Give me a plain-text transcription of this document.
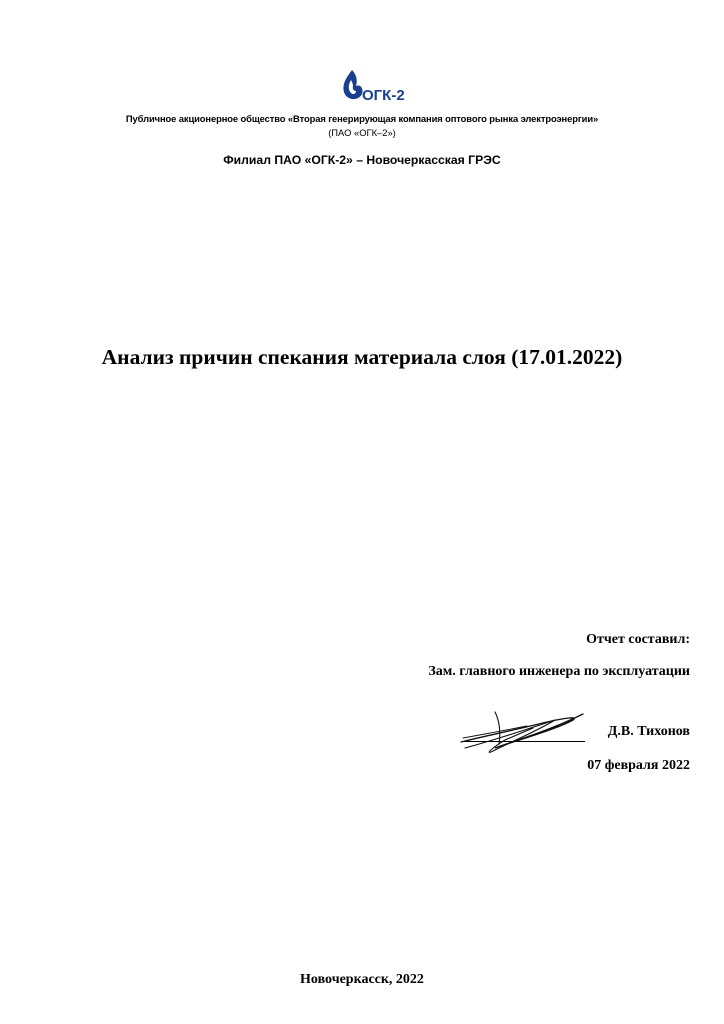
ОГК-2
Публичное акционерное общество «Вторая генерирующая компания оптового рынка электроэнергии»
(ПАО «ОГК–2»)
Филиал ПАО «ОГК-2» – Новочеркасская ГРЭС
Анализ причин спекания материала слоя (17.01.2022)
Отчет составил:
Зам. главного инженера по эксплуатации
Д.В. Тихонов
07 февраля 2022
Новочеркасск, 2022
